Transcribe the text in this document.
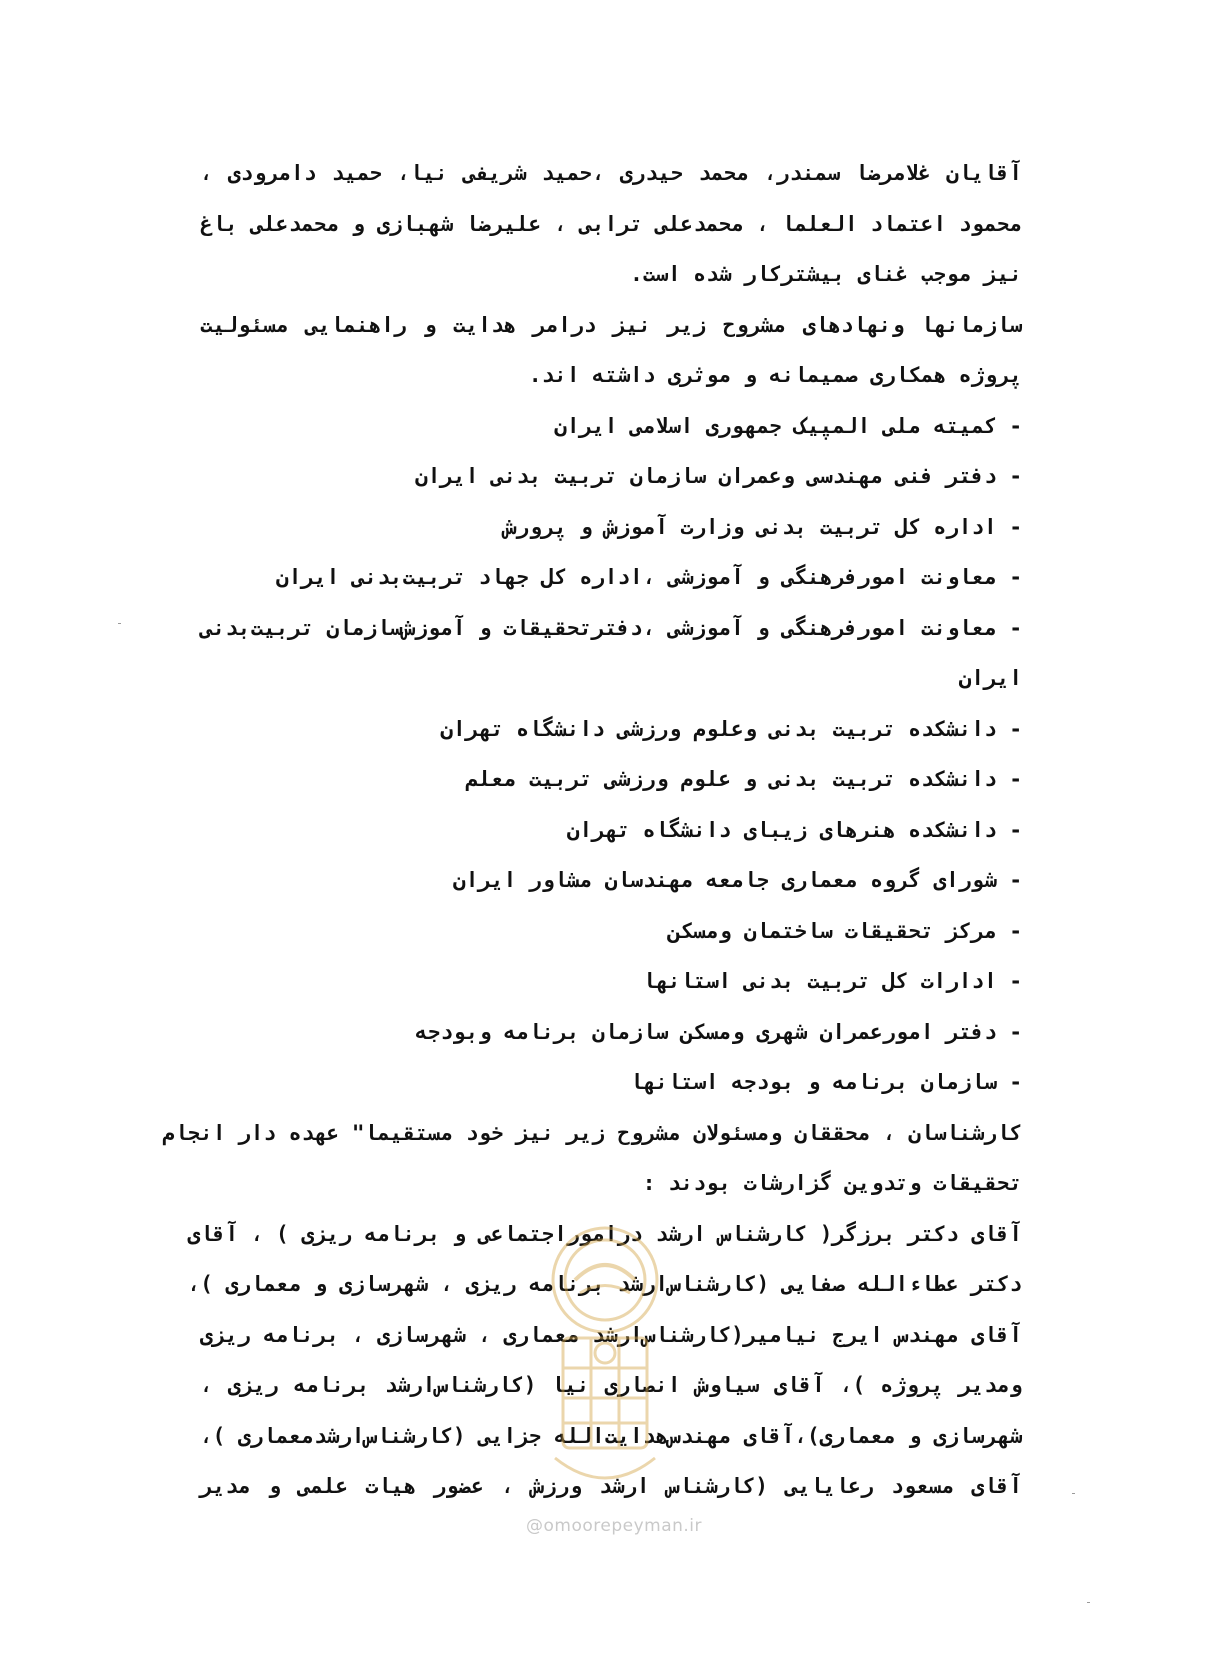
آقایان غلامرضا سمندر، محمد حیدری ،حمید شریفی نیا، حمید دامرودی ،
محمود اعتماد العلما ، محمدعلی ترابی ، علیرضا شهبازی و محمدعلی باغ
نیز موجب غنای بیشترکار شده است.
سازمانها ونهادهای مشروح زیر نیز درامر هدایت و راهنمایی مسئولیت
پروژه همکاری صمیمانه و موثری داشته اند.
- کمیته ملی المپیک جمهوری اسلامی ایران
- دفتر فنی مهندسی وعمران سازمان تربیت بدنی ایران
- اداره کل تربیت بدنی وزارت آموزش و پرورش
- معاونت امورفرهنگی و آموزشی ،اداره کل جهاد تربیت‌بدنی ایران
- معاونت امورفرهنگی و آموزشی ،دفترتحقیقات و آموزش‌سازمان تربیت‌بدنی
ایران
- دانشکده تربیت بدنی وعلوم ورزشی دانشگاه تهران
- دانشکده تربیت بدنی و علوم ورزشی تربیت معلم
- دانشکده هنرهای زیبای دانشگاه تهران
- شورای گروه معماری جامعه مهندسان مشاور ایران
- مرکز تحقیقات ساختمان ومسکن
- ادارات کل تربیت بدنی استانها
- دفتر امورعمران شهری ومسکن سازمان برنامه وبودجه
- سازمان برنامه و بودجه استانها
کارشناسان ، محققان ومسئولان مشروح زیر نیز خود مستقیما" عهده دار انجام
تحقیقات وتدوین گزارشات بودند :
آقای دکتر برزگر( کارشناس ارشد درامور‌اجتماعی و برنامه ریزی ) ، آقای
دکتر عطاءالله صفایی (کارشناس‌ارشد برنامه ریزی ، شهرسازی و معماری )،
آقای مهندس ایرج نیامیر(کارشناس‌ارشد معماری ، شهرسازی ، برنامه ریزی
ومدیر پروژه )، آقای سیاوش انصاری نیا (کارشناس‌ارشد برنامه ریزی ،
شهرسازی و معماری)،آقای مهندس‌هدایت‌الله جزایی (کارشناس‌ارشدمعماری )،
آقای مسعود رعایایی (کارشناس ارشد ورزش ، عضور هیات علمی و مدیر
@omoorepeyman.ir
